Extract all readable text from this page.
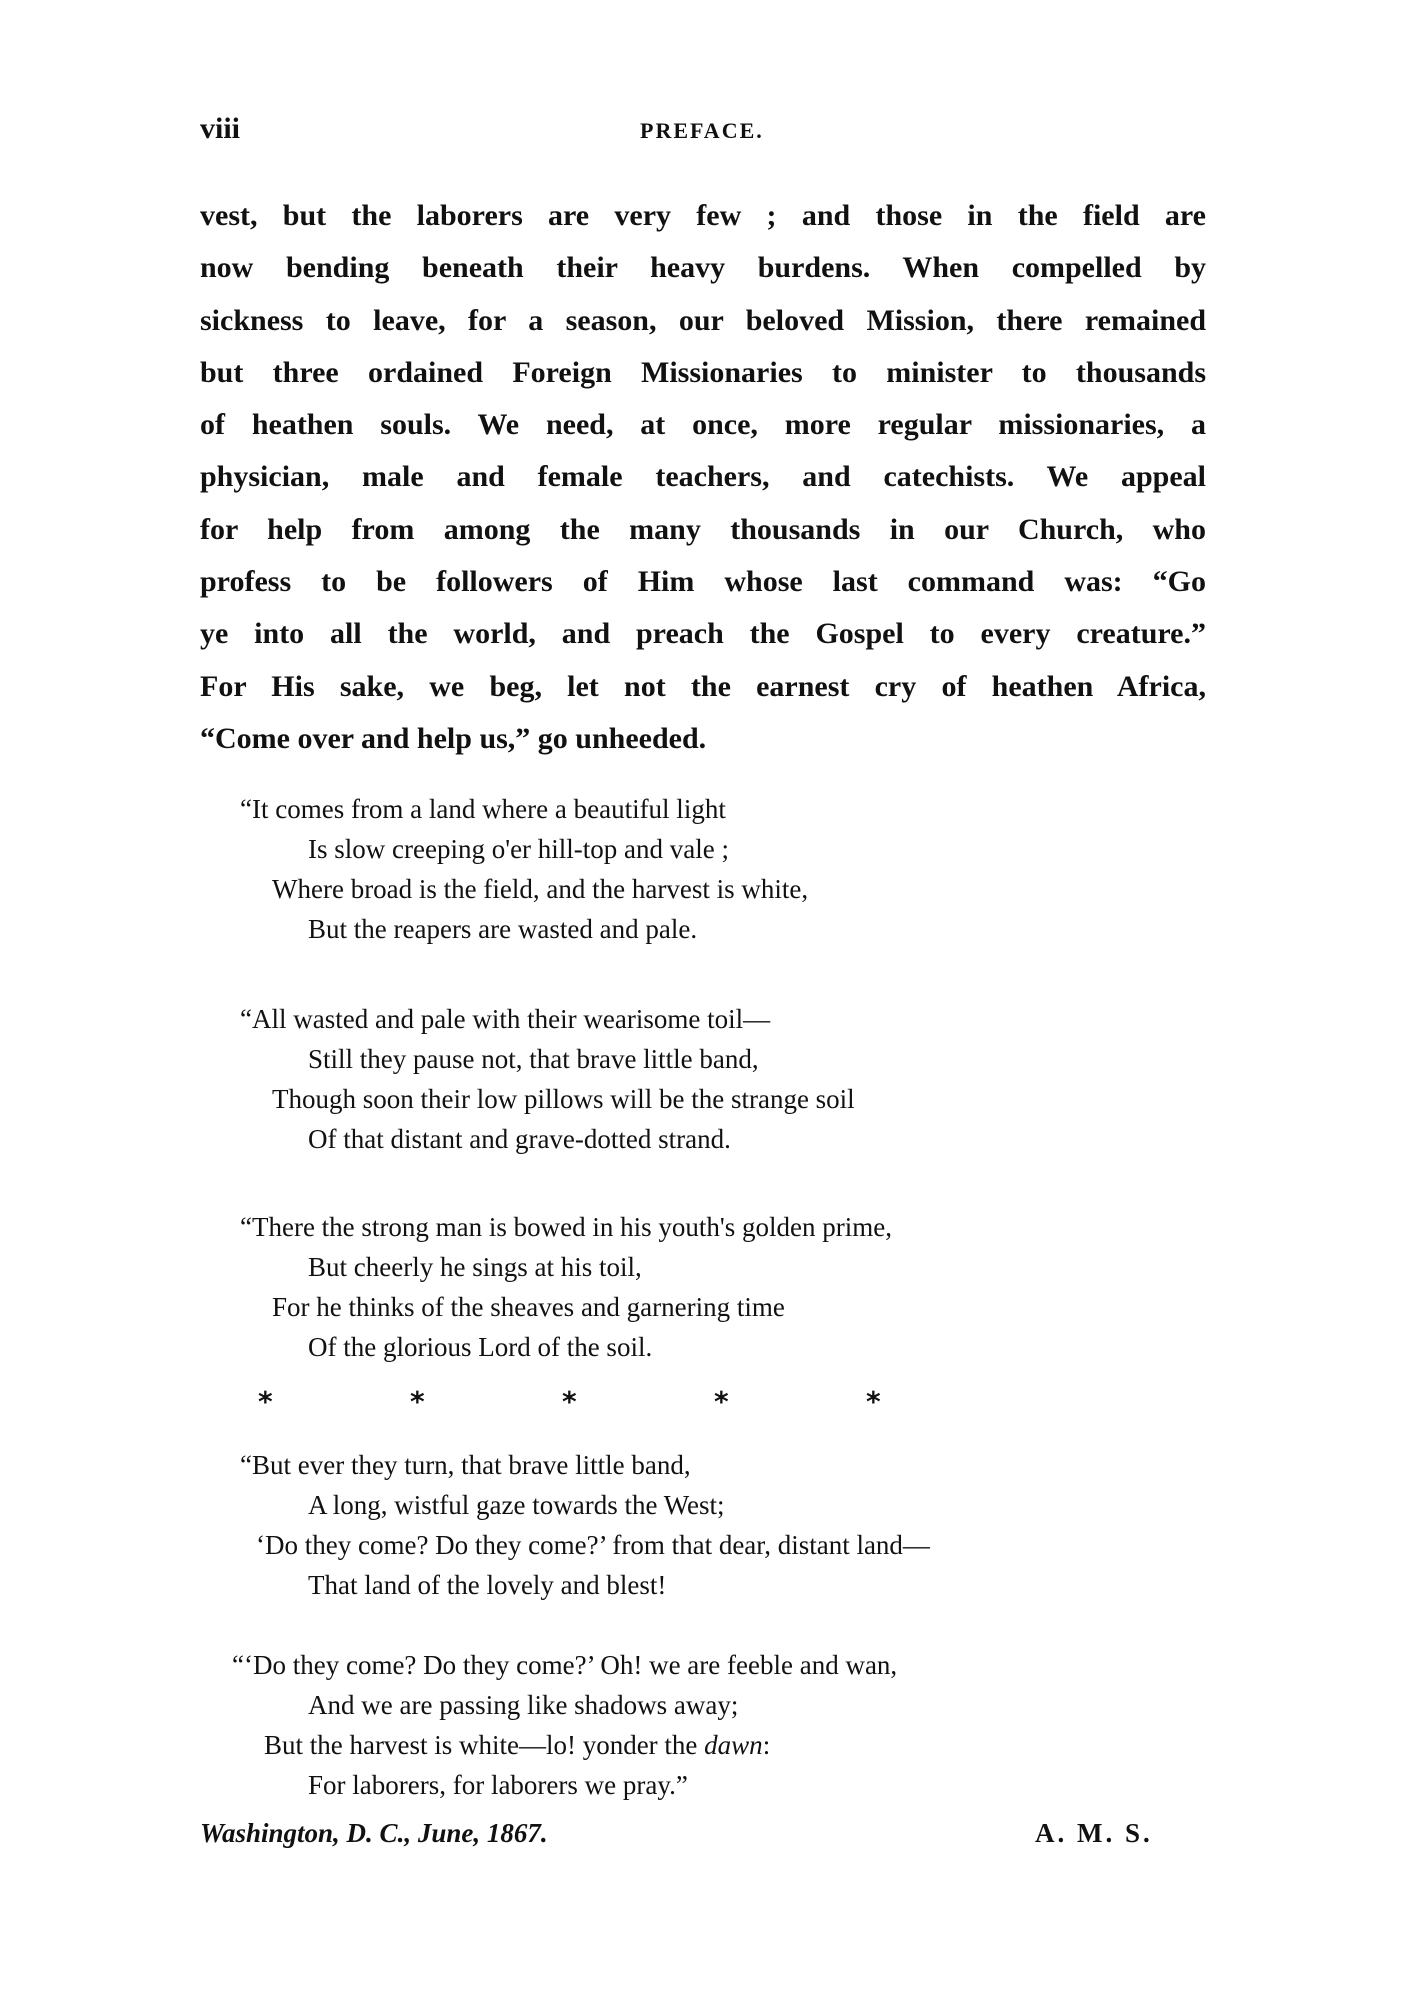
viii	PREFACE.
vest, but the laborers are very few ; and those in the field are
now bending beneath their heavy burdens. When compelled by
sickness to leave, for a season, our beloved Mission, there remained
but three ordained Foreign Missionaries to minister to thousands
of heathen souls. We need, at once, more regular missionaries, a
physician, male and female teachers, and catechists. We appeal
for help from among the many thousands in our Church, who
profess to be followers of Him whose last command was: “Go
ye into all the world, and preach the Gospel to every creature.”
For His sake, we beg, let not the earnest cry of heathen Africa,
“Come over and help us,” go unheeded.
“It comes from a land where a beautiful light
Is slow creeping o'er hill-top and vale ;
Where broad is the field, and the harvest is white,
But the reapers are wasted and pale.
“All wasted and pale with their wearisome toil—
Still they pause not, that brave little band,
Though soon their low pillows will be the strange soil
Of that distant and grave-dotted strand.
“There the strong man is bowed in his youth's golden prime,
But cheerly he sings at his toil,
For he thinks of the sheaves and garnering time
Of the glorious Lord of the soil.
*	*	*	*	*
“But ever they turn, that brave little band,
A long, wistful gaze towards the West;
‘Do they come? Do they come?’ from that dear, distant land—
That land of the lovely and blest!
“‘Do they come? Do they come?’ Oh! we are feeble and wan,
And we are passing like shadows away;
But the harvest is white—lo! yonder the dawn:
For laborers, for laborers we pray.”
Washington, D. C., June, 1867.	A. M. S.
